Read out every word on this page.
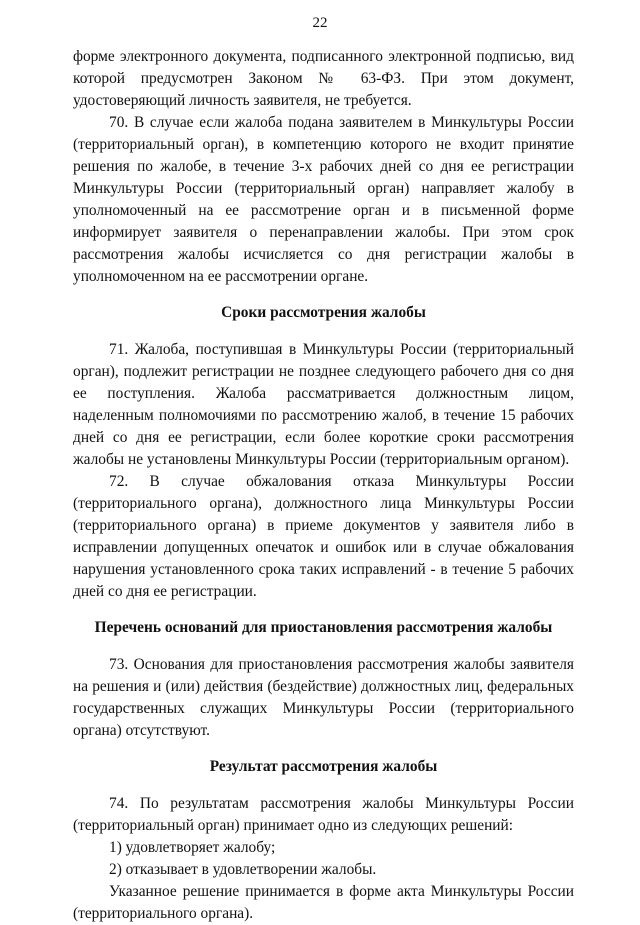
22

форме электронного документа, подписанного электронной подписью, вид которой предусмотрен Законом № 63-ФЗ. При этом документ, удостоверяющий личность заявителя, не требуется.

70. В случае если жалоба подана заявителем в Минкультуры России (территориальный орган), в компетенцию которого не входит принятие решения по жалобе, в течение 3-х рабочих дней со дня ее регистрации Минкультуры России (территориальный орган) направляет жалобу в уполномоченный на ее рассмотрение орган и в письменной форме информирует заявителя о перенаправлении жалобы. При этом срок рассмотрения жалобы исчисляется со дня регистрации жалобы в уполномоченном на ее рассмотрении органе.

Сроки рассмотрения жалобы

71. Жалоба, поступившая в Минкультуры России (территориальный орган), подлежит регистрации не позднее следующего рабочего дня со дня ее поступления. Жалоба рассматривается должностным лицом, наделенным полномочиями по рассмотрению жалоб, в течение 15 рабочих дней со дня ее регистрации, если более короткие сроки рассмотрения жалобы не установлены Минкультуры России (территориальным органом).

72. В случае обжалования отказа Минкультуры России (территориального органа), должностного лица Минкультуры России (территориального органа) в приеме документов у заявителя либо в исправлении допущенных опечаток и ошибок или в случае обжалования нарушения установленного срока таких исправлений - в течение 5 рабочих дней со дня ее регистрации.

Перечень оснований для приостановления рассмотрения жалобы

73. Основания для приостановления рассмотрения жалобы заявителя на решения и (или) действия (бездействие) должностных лиц, федеральных государственных служащих Минкультуры России (территориального органа) отсутствуют.

Результат рассмотрения жалобы

74. По результатам рассмотрения жалобы Минкультуры России (территориальный орган) принимает одно из следующих решений:

1) удовлетворяет жалобу;

2) отказывает в удовлетворении жалобы.

Указанное решение принимается в форме акта Минкультуры России (территориального органа).
